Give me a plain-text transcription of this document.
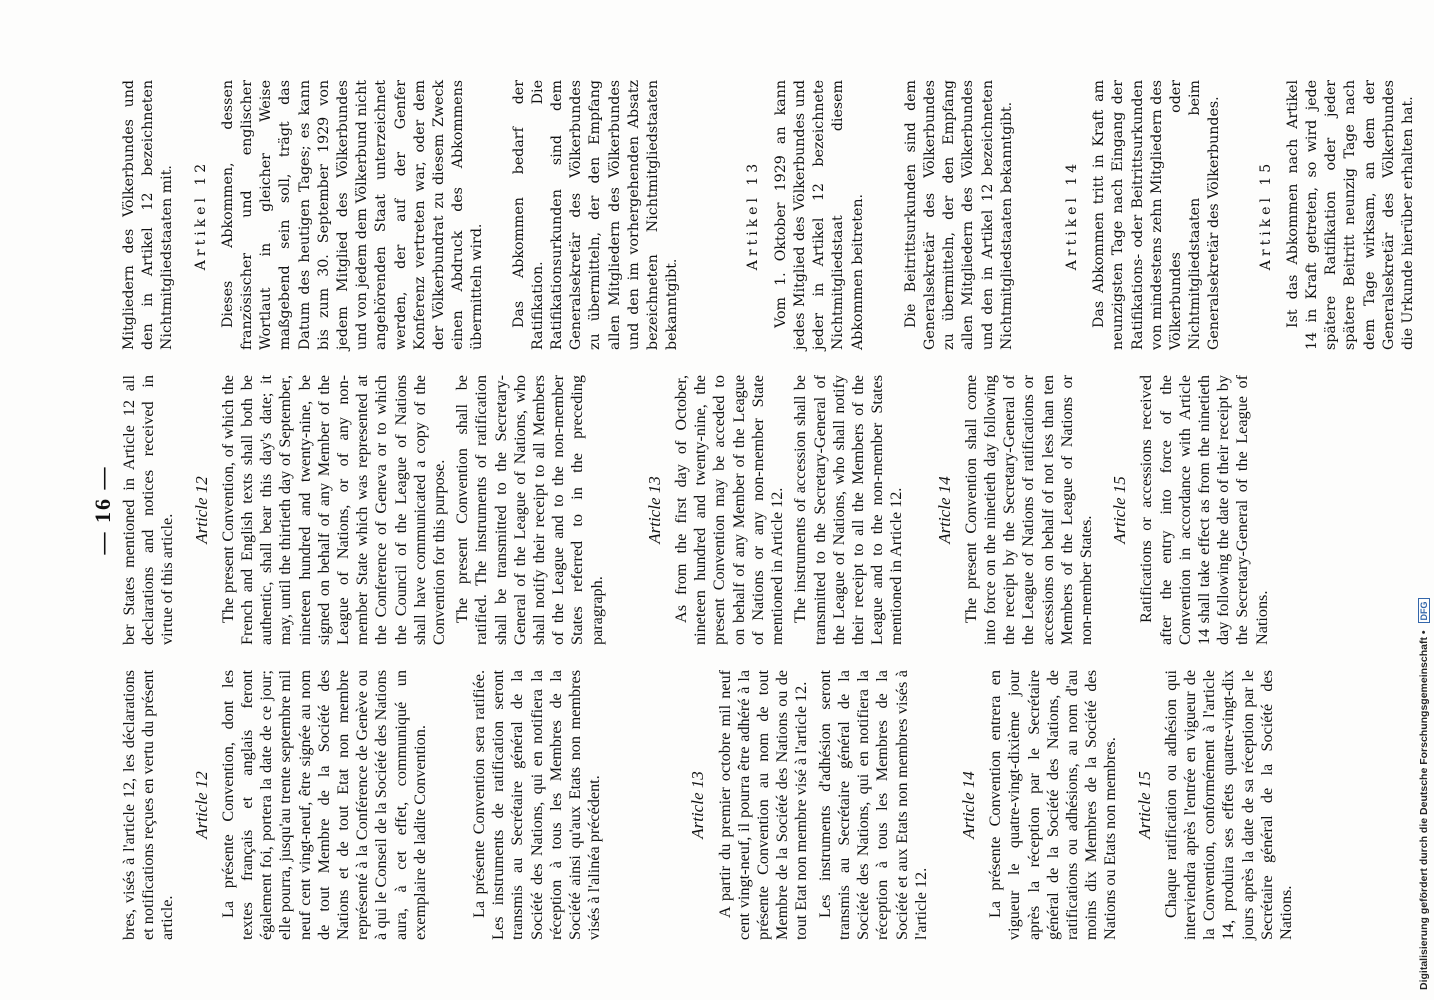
— 16 —

bres, visés à l'article 12, les déclarations et notifications reçues en vertu du présent article.

Article 12 La présente Convention, dont les textes français et anglais feront également foi, portera la date de ce jour; elle pourra, jusqu'au trente septembre mil neuf cent vingt-neuf, être signée au nom de tout Membre de la Société des Nations et de tout Etat non membre représenté à la Conférence de Genève ou à qui le Conseil de la Société des Nations aura, à cet effet, communiqué un exemplaire de ladite Convention.	La présente Convention sera ratifiée. Les instruments de ratification seront transmis au Secrétaire général de la Société des Nations, qui en notifiera la réception à tous les Membres de la Société ainsi qu'aux Etats non membres visés à l'alinéa précédent.	Article 13 A partir du premier octobre mil neuf cent vingt-neuf, il pourra être adhéré à la présente Convention au nom de tout Membre de la Société des Nations ou de tout Etat non membre visé à l'article 12. Les instruments d'adhésion seront transmis au Secrétaire général de la Société des Nations, qui en notifiera la réception à tous les Membres de la Société et aux Etats non membres visés à l'article 12.

Article 14 La présente Convention entrera en vigueur le quatre-vingt-dixième jour après la réception par le Secrétaire général de la Société des Nations, de ratifications ou adhésions, au nom d'au moins dix Membres de la Société des Nations ou Etats non membres. Article 15 Chaque ratification ou adhésion qui interviendra après l'entrée en vigueur de la Convention, conformément à l'article 14, produira ses effets quatre-vingt-dix jours après la date de sa réception par le Secrétaire général de la Société des Nations.

ber States mentioned in Article 12 all declarations and notices received in virtue of this article.

Article 12 The present Convention, of which the French and English texts shall both be authentic, shall bear this day's date; it may, until the thirtieth day of September, nineteen hundred and twenty-nine, be signed on behalf of any Member of the League of Nations, or of any non-member State which was represented at the Conference of Geneva or to which the Council of the League of Nations shall have communicated a copy of the Convention for this purpose. The present Convention shall be ratified. The instruments of ratification shall be transmitted to the Secretary-General of the League of Nations, who shall notify their receipt to all Members of the League and to the non-member States referred to in the preceding paragraph.

Article 13 As from the first day of October, nineteen hundred and twenty-nine, the present Convention may be acceded to on behalf of any Member of the League of Nations or any non-member State mentioned in Article 12. The instruments of accession shall be transmitted to the Secretary-General of the League of Nations, who shall notify their receipt to all the Members of the League and to the non-member States mentioned in Article 12. Article 14 The present Convention shall come into force on the ninetieth day following the receipt by the Secretary-General of the League of Nations of ratifications or accessions on behalf of not less than ten Members of the League of Nations or non-member States.

Article 15 Ratifications or accessions received after the entry into force of the Convention in accordance with Article 14 shall take effect as from the ninetieth day following the date of their receipt by the Secretary-General of the League of Nations.

Mitgliedern des Völkerbundes und den in Artikel 12 bezeichneten Nichtmitgliedstaaten mit. Artikel 12 Dieses Abkommen, dessen französischer und englischer Wortlaut in gleicher Weise maßgebend sein soll, trägt das Datum des heutigen Tages; es kann bis zum 30. September 1929 von jedem Mitglied des Völkerbundes und von jedem dem Völkerbund nicht angehörenden Staat unterzeichnet werden, der auf der Genfer Konferenz vertreten war, oder dem der Völkerbundrat zu diesem Zweck einen Abdruck des Abkommens übermitteln wird. Das Abkommen bedarf der Ratifikation. Die Ratifikationsurkunden sind dem Generalsekretär des Völkerbundes zu übermitteln, der den Empfang allen Mitgliedern des Völkerbundes und den im vorhergehenden Absatz bezeichneten Nichtmitgliedstaaten bekanntgibt.

Artikel 13 Vom 1. Oktober 1929 an kann jedes Mitglied des Völkerbundes und jeder in Artikel 12 bezeichnete Nichtmitgliedstaat diesem Abkommen beitreten.	Die Beitrittsurkunden sind dem Generalsekretär des Völkerbundes zu übermitteln, der den Empfang allen Mitgliedern des Völkerbundes und den in Artikel 12 bezeichneten Nichtmitgliedstaaten bekanntgibt.	Artikel 14 Das Abkommen tritt in Kraft am neunzigsten Tage nach Eingang der Ratifikations- oder Beitrittsurkunden von mindestens zehn Mitgliedern des Völkerbundes oder Nichtmitgliedstaaten beim Generalsekretär des Völkerbundes.	Artikel 15 Ist das Abkommen nach Artikel 14 in Kraft getreten, so wird jede spätere Ratifikation oder jeder spätere Beitritt neunzig Tage nach dem Tage wirksam, an dem der Generalsekretär des Völkerbundes die Urkunde hierüber erhalten hat.

Digitalisierung gefördert durch die Deutsche Forschungsgemeinschaft • DFG
